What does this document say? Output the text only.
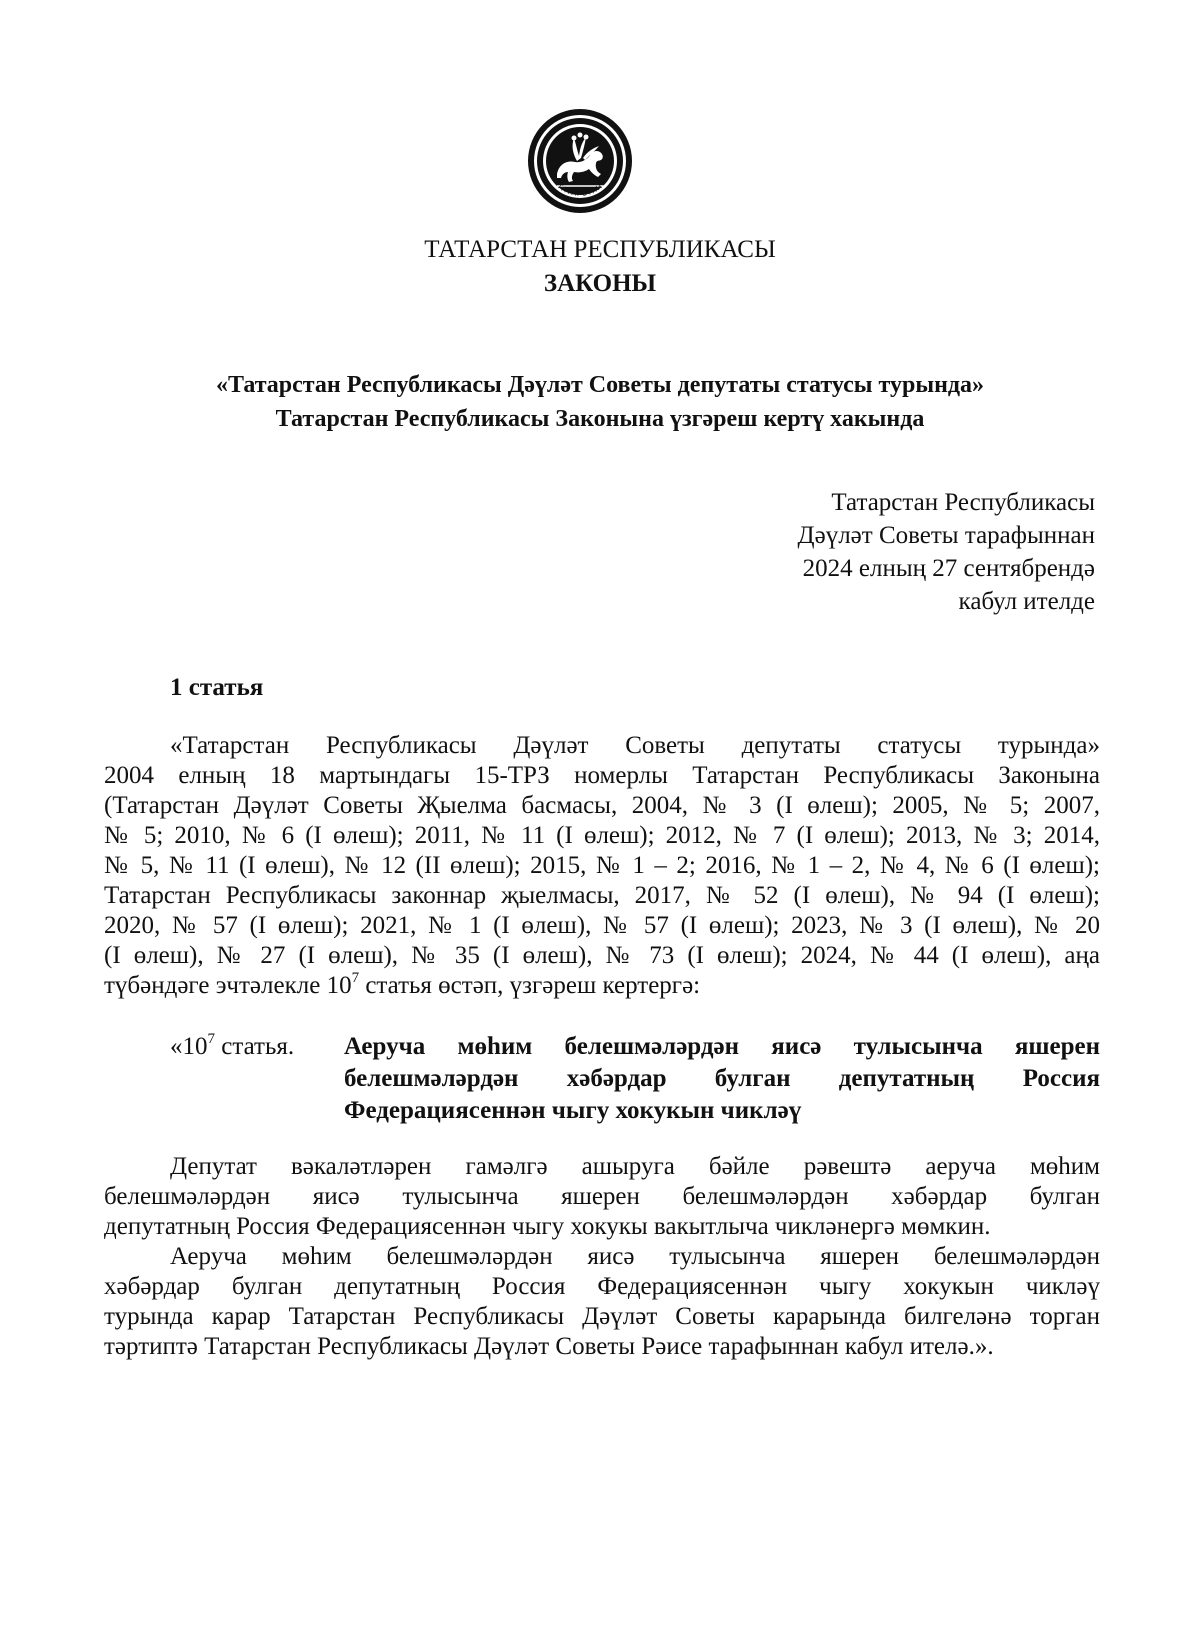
ТАТАРСТАН
ТАТАРСТАН РЕСПУБЛИКАСЫ
ЗАКОНЫ
«Татарстан Республикасы Дәүләт Советы депутаты статусы турында»
Татарстан Республикасы Законына үзгәреш кертү хакында
Татарстан Республикасы
Дәүләт Советы тарафыннан
2024 елның 27 сентябрендә
кабул ителде
1 статья
«Татарстан Республикасы Дәүләт Советы депутаты статусы турында»
2004 елның 18 мартындагы 15-ТРЗ номерлы Татарстан Республикасы Законына
(Татарстан Дәүләт Советы Җыелма басмасы, 2004, № 3 (I өлеш); 2005, № 5; 2007,
№ 5; 2010, № 6 (I өлеш); 2011, № 11 (I өлеш); 2012, № 7 (I өлеш); 2013, № 3; 2014,
№ 5, № 11 (I өлеш), № 12 (II өлеш); 2015, № 1 – 2; 2016, № 1 – 2, № 4, № 6 (I өлеш);
Татарстан Республикасы законнар җыелмасы, 2017, № 52 (I өлеш), № 94 (I өлеш);
2020, № 57 (I өлеш); 2021, № 1 (I өлеш), № 57 (I өлеш); 2023, № 3 (I өлеш), № 20
(I өлеш), № 27 (I өлеш), № 35 (I өлеш), № 73 (I өлеш); 2024, № 44 (I өлеш), аңа
түбәндәге эчтәлекле $10^7$ статья өстәп, үзгәреш кертергә:
«$10^7$ статья. Аеруча мөһим белешмәләрдән яисә тулысынча яшерен
белешмәләрдән хәбәрдар булган депутатның Россия
Федерациясеннән чыгу хокукын чикләү
Депутат вәкаләтләрен гамәлгә ашыруга бәйле рәвештә аеруча мөһим
белешмәләрдән яисә тулысынча яшерен белешмәләрдән хәбәрдар булган
депутатның Россия Федерациясеннән чыгу хокукы вакытлыча чикләнергә мөмкин.
Аеруча мөһим белешмәләрдән яисә тулысынча яшерен белешмәләрдән
хәбәрдар булган депутатның Россия Федерациясеннән чыгу хокукын чикләү
турында карар Татарстан Республикасы Дәүләт Советы карарында билгеләнә торган
тәртиптә Татарстан Республикасы Дәүләт Советы Рәисе тарафыннан кабул ителә.».
